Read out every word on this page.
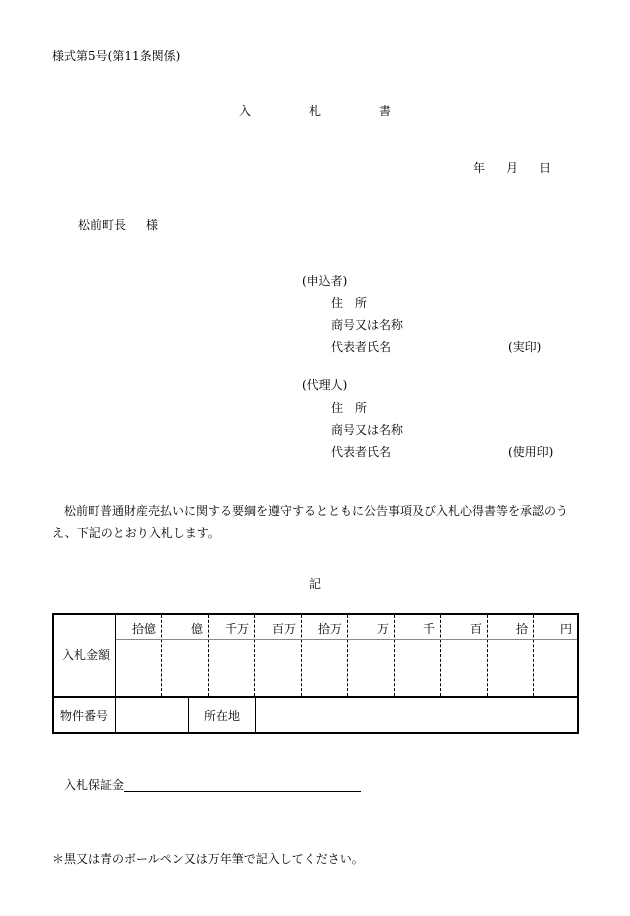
様式第5号(第11条関係)
入	札	書
年 月 日
松前町長 様
(申込者)
住　所
商号又は名称
代表者氏名	(実印)
(代理人)
住　所
商号又は名称
代表者氏名	(使用印)
松前町普通財産売払いに関する要綱を遵守するとともに公告事項及び入札心得書等を承認のうえ、下記のとおり入札します。
記
入札金額
拾億	億	千万	百万	拾万	万	千	百	拾	円
物件番号	所在地
入札保証金
＊黒又は青のボールペン又は万年筆で記入してください。
